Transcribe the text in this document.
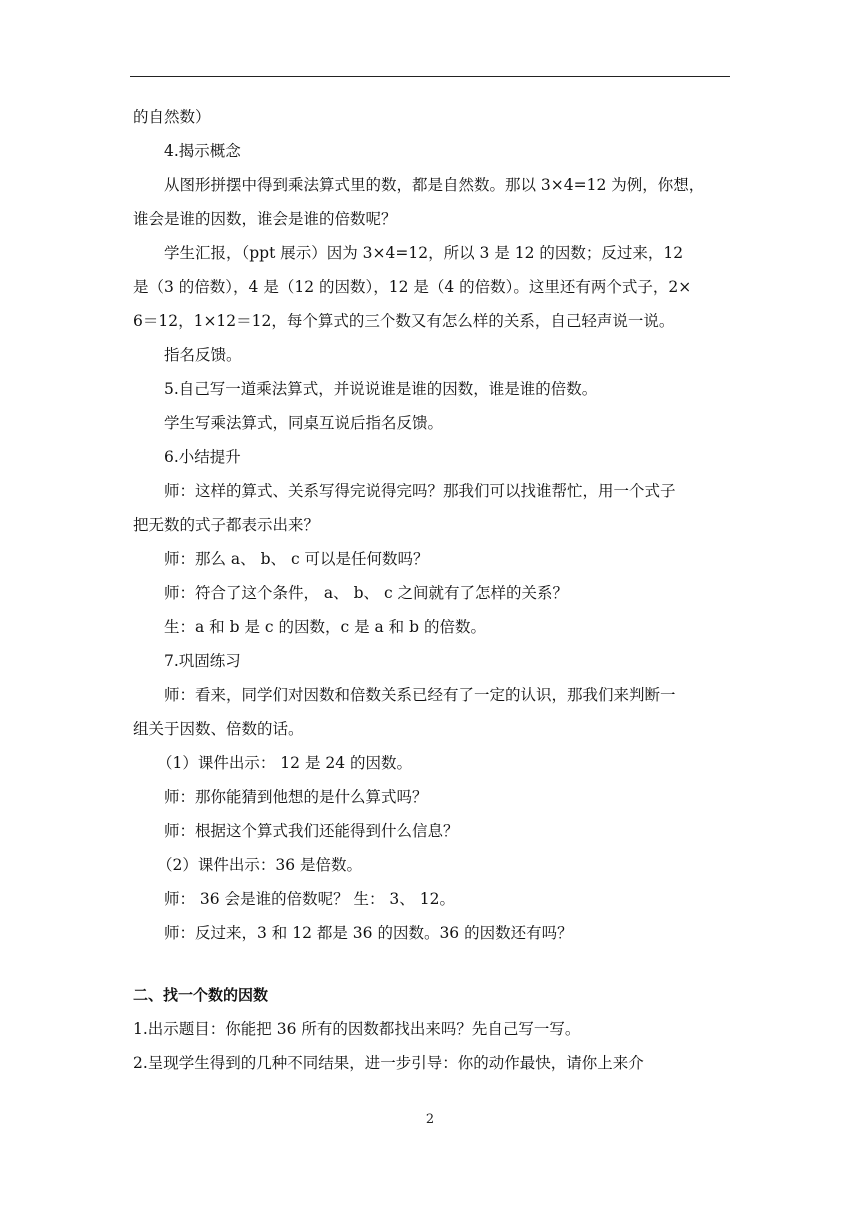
的自然数）
4.揭示概念
从图形拼摆中得到乘法算式里的数，都是自然数。那以 3×4=12 为例，你想，
谁会是谁的因数，谁会是谁的倍数呢？
学生汇报，（ppt 展示）因为 3×4=12，所以 3 是 12 的因数；反过来，12
是（3 的倍数），4 是（12 的因数），12 是（4 的倍数）。这里还有两个式子，2×
6＝12，1×12＝12，每个算式的三个数又有怎么样的关系，自己轻声说一说。
指名反馈。
5.自己写一道乘法算式，并说说谁是谁的因数，谁是谁的倍数。
学生写乘法算式，同桌互说后指名反馈。
6.小结提升
师：这样的算式、关系写得完说得完吗？那我们可以找谁帮忙，用一个式子
把无数的式子都表示出来？
师：那么 a、 b、 c 可以是任何数吗？
师：符合了这个条件， a、 b、 c 之间就有了怎样的关系？
生：a 和 b 是 c 的因数，c 是 a 和 b 的倍数。
7.巩固练习
师：看来，同学们对因数和倍数关系已经有了一定的认识，那我们来判断一
组关于因数、倍数的话。
（1）课件出示： 12 是 24 的因数。
师：那你能猜到他想的是什么算式吗？
师：根据这个算式我们还能得到什么信息？
（2）课件出示：36 是倍数。
师： 36 会是谁的倍数呢？ 生： 3、 12。
师：反过来，3 和 12 都是 36 的因数。36 的因数还有吗？
二、找一个数的因数
1.出示题目：你能把 36 所有的因数都找出来吗？先自己写一写。
2.呈现学生得到的几种不同结果，进一步引导：你的动作最快，请你上来介
2
